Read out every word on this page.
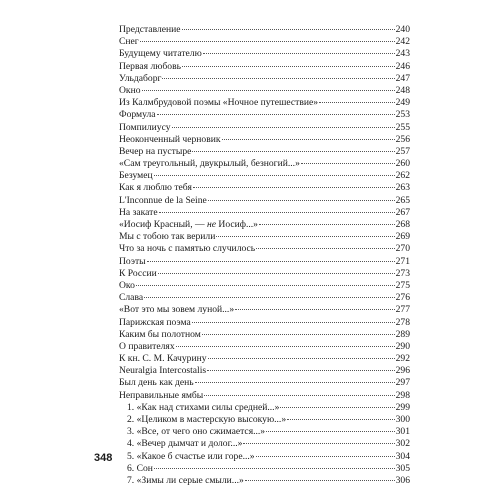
Представление	240
Снег	242
Будущему читателю	243
Первая любовь	246
Ульдаборг	247
Окно	248
Из Калмбрудовой поэмы «Ночное путешествие»	249
Формула	253
Помпилиусу	255
Неоконченный черновик	256
Вечер на пустыре	257
«Сам треугольный, двукрылый, безногий...»	260
Безумец	262
Как я люблю тебя	263
L'Inconnue de la Seine	265
На закате	267
«Иосиф Красный, — не Иосиф...»	268
Мы с тобою так верили	269
Что за ночь с памятью случилось	270
Поэты	271
К России	273
Око	275
Слава	276
«Вот это мы зовем луной...»	277
Парижская поэма	278
Каким бы полотном	289
О правителях	290
К кн. С. М. Качурину	292
Neuralgia Intercostalis	296
Был день как день	297
Неправильные ямбы	298
1. «Как над стихами силы средней...»	299
2. «Целиком в мастерскую высокую...»	300
3. «Все, от чего оно сжимается...»	301
4. «Вечер дымчат и долог...»	302
5. «Какое б счастье или горе...»	304
6. Сон	305
7. «Зимы ли серые смыли...»	306
348
